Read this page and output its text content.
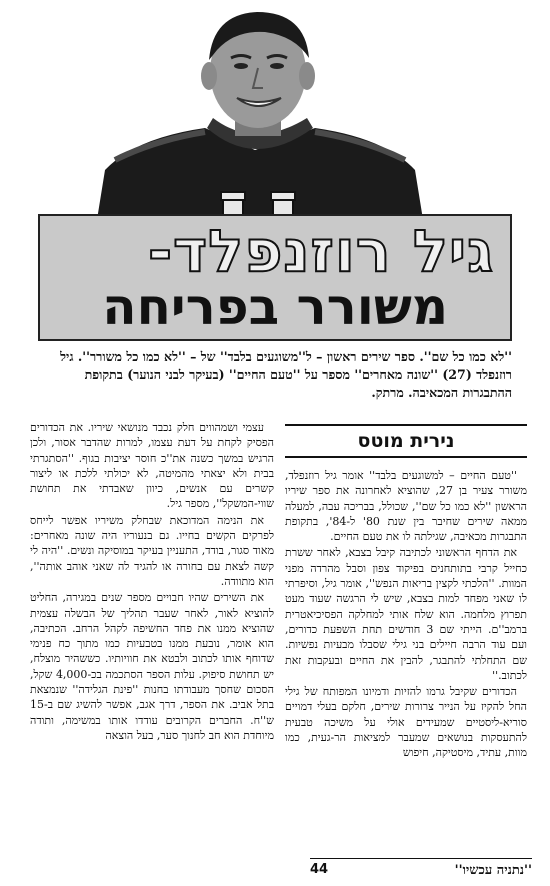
גיל רוזנפלד-
משורר בפריחה

''לא כמו כל שם''. ספר שירים ראשון – ל''משוגעים בלבד'' של – ''לא כמו כל משורר''. גיל רוזנפלד (27) ''שונה מאחרים'' מספר על ''טעם החיים'' (בעיקר לבני הנוער) בתקופת ההתבגרות המכאיבה. מרתק.

נירית מוטס

''טעם החיים – למשוגעים בלבד'' אומר גיל רוזנפלד, משורר צעיר בן 27, שהוציא לאחרונה את ספר שיריו הראשון ''לא כמו כל שם'', שכולל, בבריכה עבה, למעלה ממאה שירים שחיבר בין שנת 80' ל-84', בתקופת התבגרות מכאיבה, שגילתה לו את טעם החיים.

את הדחף הראשוני לכתיבה קיבל בצבא, לאחר ששרת כחייל קרבי בתותחנים בפיקוד צפון וסבל מהרדה מפני המוות. ''הלכתי לקצין בריאות הנפש'', אומר גיל, וסיפרתי לו שאני מפחד למות בצבא, שיש לי הרגשה שעוד מעט תפרוץ מלחמה. הוא שלח אותי למחלקה הפסיכיאטרית ברמב''ם. הייתי שם 3 חודשים תחת השפעת כדורים, ועם עוד הרבה חיילים בני גילי שסבלו מבעיות נפשיות. שם התחלתי להתבגר, להבין את החיים ובעקבות זאת לכתוב.''

הכדורים שקיבל גרמו להזיות ודמיונו המפותח של גילי החל להקיז על הנייר צרורות שירים, חלקם בעלי דמויים סוריא-ליסטיים שמעידים אולי על משיכה טבעית להתעסקות בנושאים שמעבר למציאות הר-געית, כמו מוות, עתיד, מיסטיקה, חיפוש

עצמי ושמהווים חלק נכבד מנושאי שיריו. את הכדורים הפסיק לקחת על דעת עצמו, למרות שהדבר אסור, ולכן הרגיש במשך כשנה את''כ חוסר יציבות בגוף. ''הסתגרתי בבית ולא יצאתי מהמיטה, לא יכולתי ללכת או ליצור קשרים עם אנשים, כיוון שאבדתי את תחושת שווי-המשקל'', מספר גיל.

את הנימה המדוכאת שבחלק משיריו אפשר לייחס לפרקים הקשים בחייו. גם בנעוריו היה שונה מאחרים: מאוד סגור, בודד, התעניין בעיקר במוסיקה ונשים. ''היה לי קשה לצאת עם בחורה או להגיד לה שאני אוהב אותה'', הוא מתוודה.

את השירים שהיו חבויים מספר שנים במגירה, החליט להוציא לאור, לאחר שעבר תהליך של הבשלה עצמית שהוציא ממנו את פחד החשיפה לקהל הרחב. הכתיבה, הוא אומר, נובעת ממנו בטבעיות כמו מתוך כח פנימי שדוחף אותו לכתוב ולבטא את חוויותיו. כששהיר מוצלח, יש תחושת סיפוק. עלות הספר הסתכמה בכ-4,000 שקל, הסכום שחסך מעבודתו בחנות ''פינת הגלידה'' שנמצאת בתל אביב. את הספר, דרך אגב, אפשר להשיג שם ב-15 ש''ח. החברים הקרובים עודדו אותו במשימה, ותודה מיוחדת הוא חב לחנוך סער, בעל הוצאה

''נתניה עכשיו''
44
